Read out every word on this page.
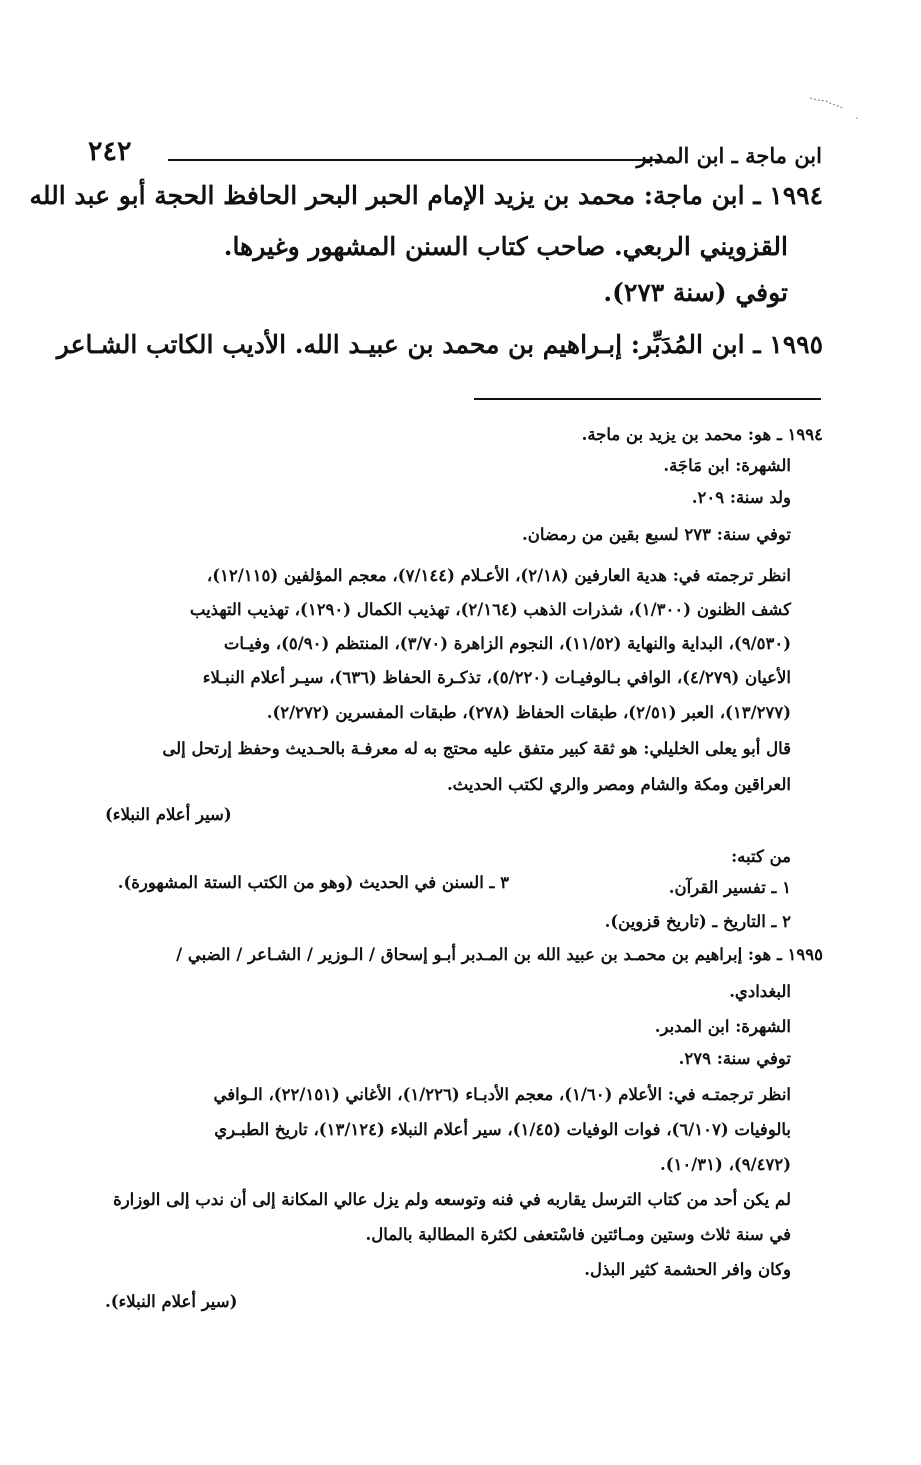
ابن ماجة ـ ابن المدبر
٢٤٢
١٩٩٤ ـ ابن ماجة: محمد بن يزيد الإمام الحبر البحر الحافظ الحجة أبو عبد الله
القزويني الربعي. صاحب كتاب السنن المشهور وغيرها.
توفي (سنة ٢٧٣).
١٩٩٥ ـ ابن المُدَبِّر: إبـراهيم بن محمد بن عبيـد الله. الأديب الكاتب الشـاعر
١٩٩٤ ـ هو: محمد بن يزيد بن ماجة.
الشهرة: ابن مَاجَة.
ولد سنة: ٢٠٩.
توفي سنة: ٢٧٣ لسبع بقين من رمضان.
انظر ترجمته في: هدية العارفين (٢/١٨)، الأعـلام (٧/١٤٤)، معجم المؤلفين (١٢/١١٥)،
كشف الظنون (١/٣٠٠)، شذرات الذهب (٢/١٦٤)، تهذيب الكمال (١٢٩٠)، تهذيب التهذيب
(٩/٥٣٠)، البداية والنهاية (١١/٥٢)، النجوم الزاهرة (٣/٧٠)، المنتظم (٥/٩٠)، وفيـات
الأعيان (٤/٢٧٩)، الوافي بـالوفيـات (٥/٢٢٠)، تذكـرة الحفاظ (٦٣٦)، سيـر أعلام النبـلاء
(١٣/٢٧٧)، العبر (٢/٥١)، طبقات الحفاظ (٢٧٨)، طبقات المفسرين (٢/٢٧٢).
قال أبو يعلى الخليلي: هو ثقة كبير متفق عليه محتج به له معرفـة بالحـديث وحفظ إرتحل إلى
العراقين ومكة والشام ومصر والري لكتب الحديث.
(سير أعلام النبلاء)
من كتبه:
١ ـ تفسير القرآن.
٣ ـ السنن في الحديث (وهو من الكتب الستة المشهورة).
٢ ـ التاريخ ـ (تاريخ قزوين).
١٩٩٥ ـ هو: إبراهيم بن محمـد بن عبيد الله بن المـدبر أبـو إسحاق / الـوزير / الشـاعر / الضبي /
البغدادي.
الشهرة: ابن المدبر.
توفي سنة: ٢٧٩.
انظر ترجمتـه في: الأعلام (١/٦٠)، معجم الأدبـاء (١/٢٢٦)، الأغاني (٢٢/١٥١)، الـوافي
بالوفيات (٦/١٠٧)، فوات الوفيات (١/٤٥)، سير أعلام النبلاء (١٣/١٢٤)، تاريخ الطبـري
(٩/٤٧٢)، (١٠/٣١).
لم يكن أحد من كتاب الترسل يقاربه في فنه وتوسعه ولم يزل عالي المكانة إلى أن ندب إلى الوزارة
في سنة ثلاث وستين ومـائتين فاسْتعفى لكثرة المطالبة بالمال.
وكان وافر الحشمة كثير البذل.
(سير أعلام النبلاء).
